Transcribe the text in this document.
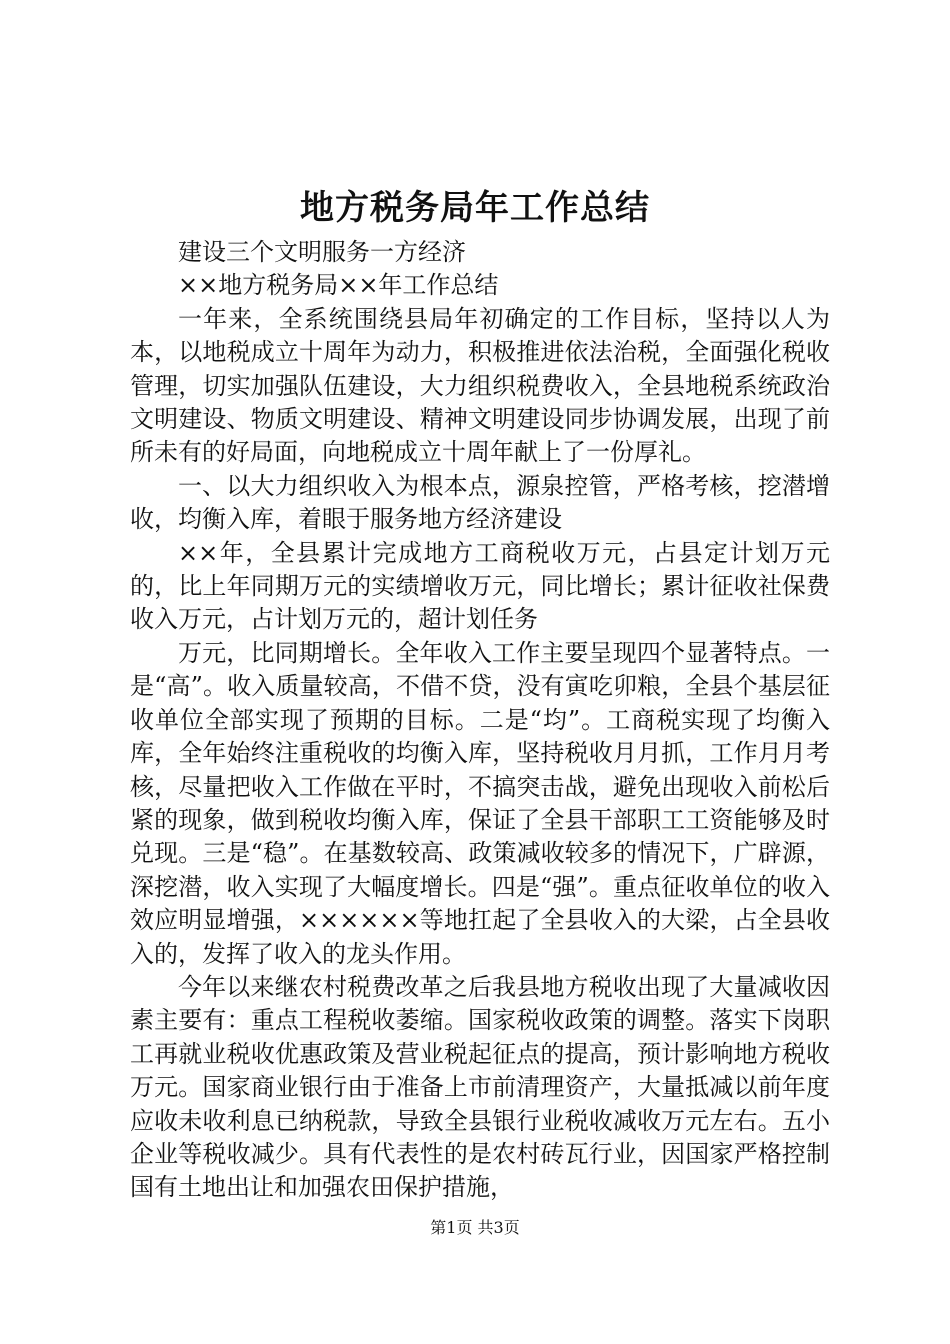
地方税务局年工作总结

建设三个文明服务一方经济

××地方税务局××年工作总结

一年来，全系统围绕县局年初确定的工作目标，坚持以人为本，以地税成立十周年为动力，积极推进依法治税，全面强化税收管理，切实加强队伍建设，大力组织税费收入，全县地税系统政治文明建设、物质文明建设、精神文明建设同步协调发展，出现了前所未有的好局面，向地税成立十周年献上了一份厚礼。

一、以大力组织收入为根本点，源泉控管，严格考核，挖潜增收，均衡入库，着眼于服务地方经济建设

××年，全县累计完成地方工商税收万元，占县定计划万元的，比上年同期万元的实绩增收万元，同比增长；累计征收社保费收入万元，占计划万元的，超计划任务

万元，比同期增长。全年收入工作主要呈现四个显著特点。一是“高”。收入质量较高，不借不贷，没有寅吃卯粮，全县个基层征收单位全部实现了预期的目标。二是“均”。工商税实现了均衡入库，全年始终注重税收的均衡入库，坚持税收月月抓，工作月月考核，尽量把收入工作做在平时，不搞突击战，避免出现收入前松后紧的现象，做到税收均衡入库，保证了全县干部职工工资能够及时兑现。三是“稳”。在基数较高、政策减收较多的情况下，广辟源，深挖潜，收入实现了大幅度增长。四是“强”。重点征收单位的收入效应明显增强，××××××等地扛起了全县收入的大梁，占全县收入的，发挥了收入的龙头作用。

今年以来继农村税费改革之后我县地方税收出现了大量减收因素主要有：重点工程税收萎缩。国家税收政策的调整。落实下岗职工再就业税收优惠政策及营业税起征点的提高，预计影响地方税收万元。国家商业银行由于准备上市前清理资产，大量抵减以前年度应收未收利息已纳税款，导致全县银行业税收减收万元左右。五小企业等税收减少。具有代表性的是农村砖瓦行业，因国家严格控制国有土地出让和加强农田保护措施，

第1页 共3页
